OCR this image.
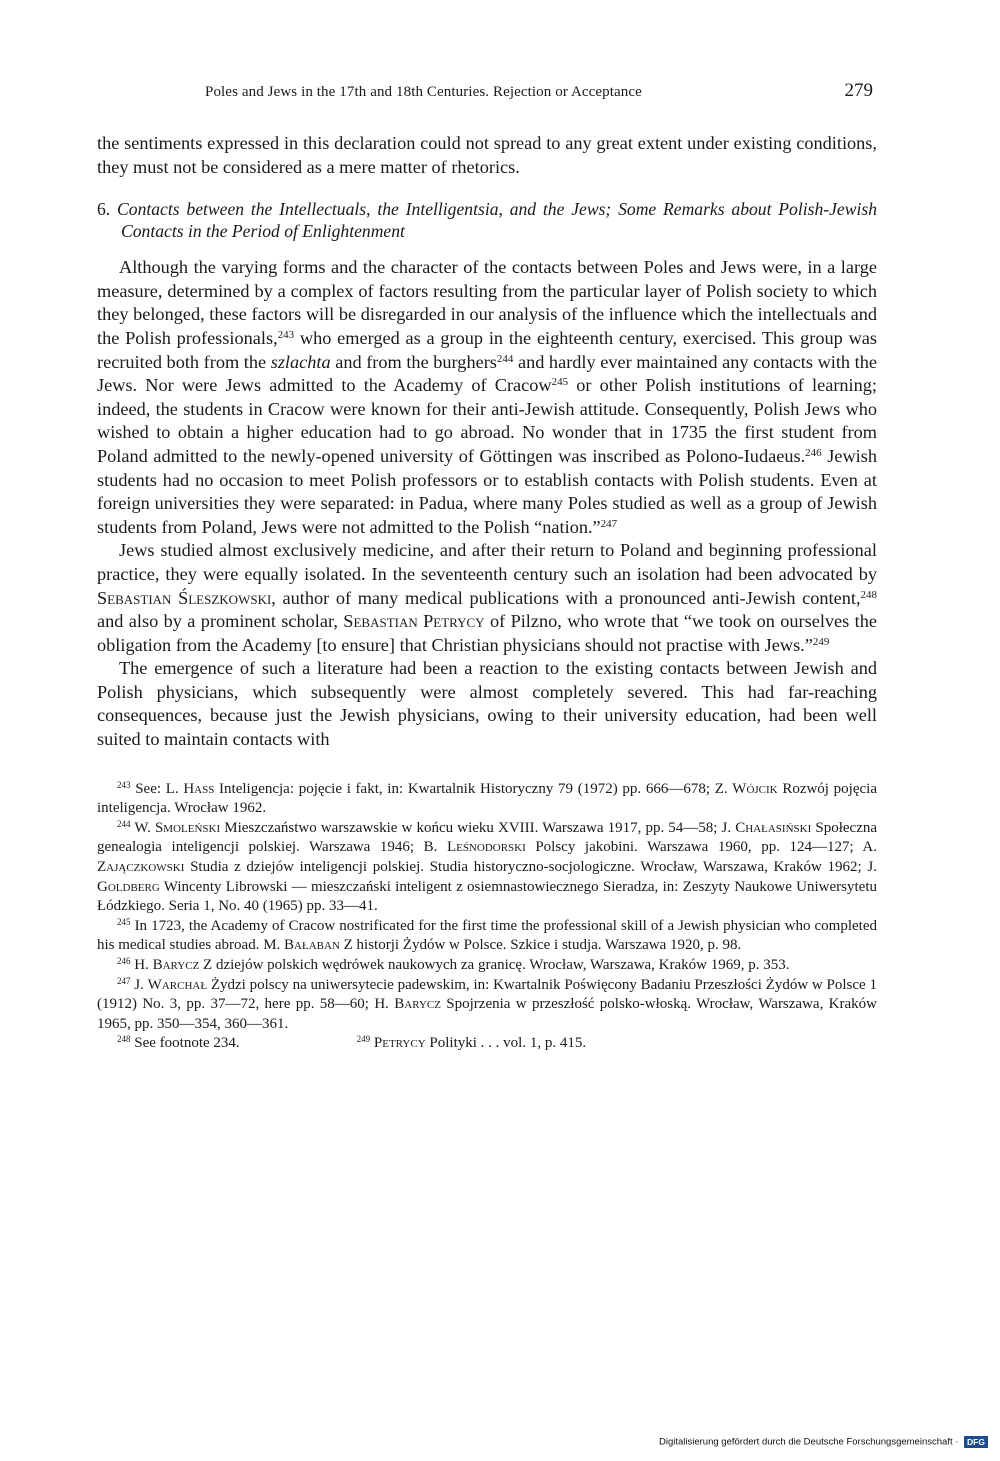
Poles and Jews in the 17th and 18th Centuries. Rejection or Acceptance	279

the sentiments expressed in this declaration could not spread to any great extent under existing conditions, they must not be considered as a mere matter of rhetorics.

6. Contacts between the Intellectuals, the Intelligentsia, and the Jews; Some Remarks about Polish-Jewish Contacts in the Period of Enlightenment

Although the varying forms and the character of the contacts between Poles and Jews were, in a large measure, determined by a complex of factors resulting from the particular layer of Polish society to which they belonged, these factors will be disregarded in our analysis of the influence which the intellectuals and the Polish professionals,$^{243}$ who emerged as a group in the eighteenth century, exercised. This group was recruited both from the szlachta and from the burghers$^{244}$ and hardly ever maintained any contacts with the Jews. Nor were Jews admitted to the Academy of Cracow$^{245}$ or other Polish institutions of learning; indeed, the students in Cracow were known for their anti-Jewish attitude. Consequently, Polish Jews who wished to obtain a higher education had to go abroad. No wonder that in 1735 the first student from Poland admitted to the newly-opened university of Göttingen was inscribed as Polono-Iudaeus.$^{246}$ Jewish students had no occasion to meet Polish professors or to establish contacts with Polish students. Even at foreign universities they were separated: in Padua, where many Poles studied as well as a group of Jewish students from Poland, Jews were not admitted to the Polish “nation.”$^{247}$

Jews studied almost exclusively medicine, and after their return to Poland and beginning professional practice, they were equally isolated. In the seventeenth century such an isolation had been advocated by Sebastian Śleszkowski, author of many medical publications with a pronounced anti-Jewish content,$^{248}$ and also by a prominent scholar, Sebastian Petrycy of Pilzno, who wrote that “we took on ourselves the obligation from the Academy [to ensure] that Christian physicians should not practise with Jews.”$^{249}$

The emergence of such a literature had been a reaction to the existing contacts between Jewish and Polish physicians, which subsequently were almost completely severed. This had far-reaching consequences, because just the Jewish physicians, owing to their university education, had been well suited to maintain contacts with

$^{243}$ See: L. Hass Inteligencja: pojęcie i fakt, in: Kwartalnik Historyczny 79 (1972) pp. 666—678; Z. Wójcik Rozwój pojęcia inteligencja. Wrocław 1962.

$^{244}$ W. Smoleński Mieszczaństwo warszawskie w końcu wieku XVIII. Warszawa 1917, pp. 54—58; J. Chałasiński Społeczna genealogia inteligencji polskiej. Warszawa 1946; B. Leśnodorski Polscy jakobini. Warszawa 1960, pp. 124—127; A. Zajączkowski Studia z dziejów inteligencji polskiej. Studia historyczno-socjologiczne. Wrocław, Warszawa, Kraków 1962; J. Goldberg Wincenty Librowski — mieszczański inteligent z osiemnastowiecznego Sieradza, in: Zeszyty Naukowe Uniwersytetu Łódzkiego. Seria 1, No. 40 (1965) pp. 33—41.

$^{245}$ In 1723, the Academy of Cracow nostrificated for the first time the professional skill of a Jewish physician who completed his medical studies abroad. M. Bałaban Z historji Żydów w Polsce. Szkice i studja. Warszawa 1920, p. 98.

$^{246}$ H. Barycz Z dziejów polskich wędrówek naukowych za granicę. Wrocław, Warszawa, Kraków 1969, p. 353.

$^{247}$ J. Warchał Żydzi polscy na uniwersytecie padewskim, in: Kwartalnik Poświęcony Badaniu Przeszłości Żydów w Polsce 1 (1912) No. 3, pp. 37—72, here pp. 58—60; H. Barycz Spojrzenia w przeszłość polsko-włoską. Wrocław, Warszawa, Kraków 1965, pp. 350—354, 360—361.

$^{248}$ See footnote 234.	$^{249}$ Petrycy Polityki . . . vol. 1, p. 415.

Digitalisierung gefördert durch die Deutsche Forschungsgemeinschaft · DFG
